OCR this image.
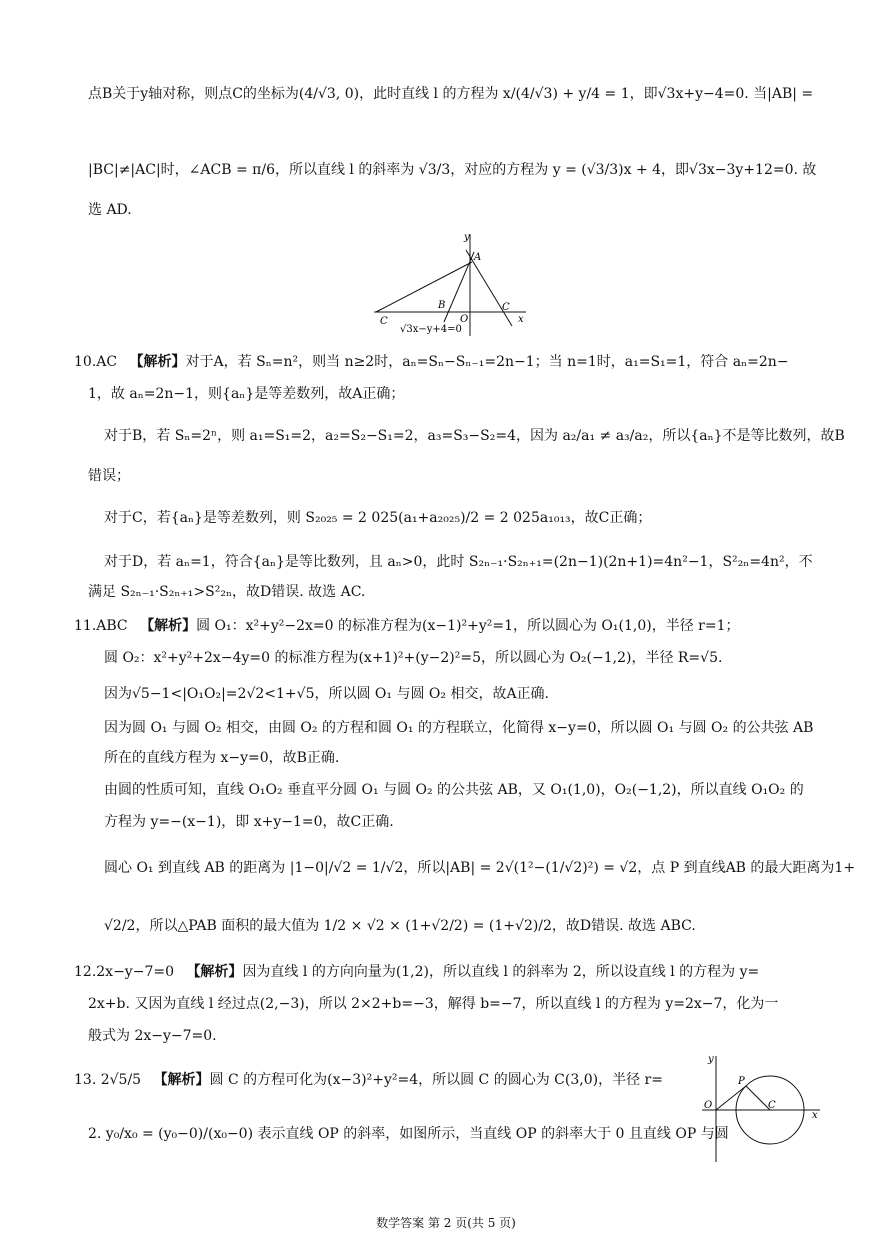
点B关于y轴对称，则点C的坐标为(4/√3, 0)，此时直线 l 的方程为 x/(4/√3) + y/4 = 1，即√3x+y−4=0. 当|AB| =
|BC|≠|AC|时，∠ACB = π/6，所以直线 l 的斜率为 √3/3，对应的方程为 y = (√3/3)x + 4，即√3x−3y+12=0. 故
选 AD.
y
A
B	C
C	O	x
√3x−y+4=0
10.AC 【解析】对于A，若 Sₙ=n²，则当 n≥2时，aₙ=Sₙ−Sₙ₋₁=2n−1；当 n=1时，a₁=S₁=1，符合 aₙ=2n−
1，故 aₙ=2n−1，则{aₙ}是等差数列，故A正确；
对于B，若 Sₙ=2ⁿ，则 a₁=S₁=2，a₂=S₂−S₁=2，a₃=S₃−S₂=4，因为 a₂/a₁ ≠ a₃/a₂，所以{aₙ}不是等比数列，故B
错误；
对于C，若{aₙ}是等差数列，则 S₂₀₂₅ = 2 025(a₁+a₂₀₂₅)/2 = 2 025a₁₀₁₃，故C正确；
对于D，若 aₙ=1，符合{aₙ}是等比数列，且 aₙ>0，此时 S₂ₙ₋₁·S₂ₙ₊₁=(2n−1)(2n+1)=4n²−1，S²₂ₙ=4n²，不
满足 S₂ₙ₋₁·S₂ₙ₊₁>S²₂ₙ，故D错误. 故选 AC.
11.ABC 【解析】圆 O₁：x²+y²−2x=0 的标准方程为(x−1)²+y²=1，所以圆心为 O₁(1,0)，半径 r=1；
圆 O₂：x²+y²+2x−4y=0 的标准方程为(x+1)²+(y−2)²=5，所以圆心为 O₂(−1,2)，半径 R=√5.
因为√5−1<|O₁O₂|=2√2<1+√5，所以圆 O₁ 与圆 O₂ 相交，故A正确.
因为圆 O₁ 与圆 O₂ 相交，由圆 O₂ 的方程和圆 O₁ 的方程联立，化简得 x−y=0，所以圆 O₁ 与圆 O₂ 的公共弦 AB
所在的直线方程为 x−y=0，故B正确.
由圆的性质可知，直线 O₁O₂ 垂直平分圆 O₁ 与圆 O₂ 的公共弦 AB，又 O₁(1,0)，O₂(−1,2)，所以直线 O₁O₂ 的
方程为 y=−(x−1)，即 x+y−1=0，故C正确.
圆心 O₁ 到直线 AB 的距离为 |1−0|/√2 = 1/√2，所以|AB| = 2√(1²−(1/√2)²) = √2，点 P 到直线AB 的最大距离为1+
√2/2，所以△PAB 面积的最大值为 1/2 × √2 × (1+√2/2) = (1+√2)/2，故D错误. 故选 ABC.
12.2x−y−7=0 【解析】因为直线 l 的方向向量为(1,2)，所以直线 l 的斜率为 2，所以设直线 l 的方程为 y=
2x+b. 又因为直线 l 经过点(2,−3)，所以 2×2+b=−3，解得 b=−7，所以直线 l 的方程为 y=2x−7，化为一
般式为 2x−y−7=0.
13. 2√5/5 【解析】圆 C 的方程可化为(x−3)²+y²=4，所以圆 C 的圆心为 C(3,0)，半径 r=
2. y₀/x₀ = (y₀−0)/(x₀−0) 表示直线 OP 的斜率，如图所示，当直线 OP 的斜率大于 0 且直线 OP 与圆
y
P
O	C
x
数学答案 第 2 页(共 5 页)
